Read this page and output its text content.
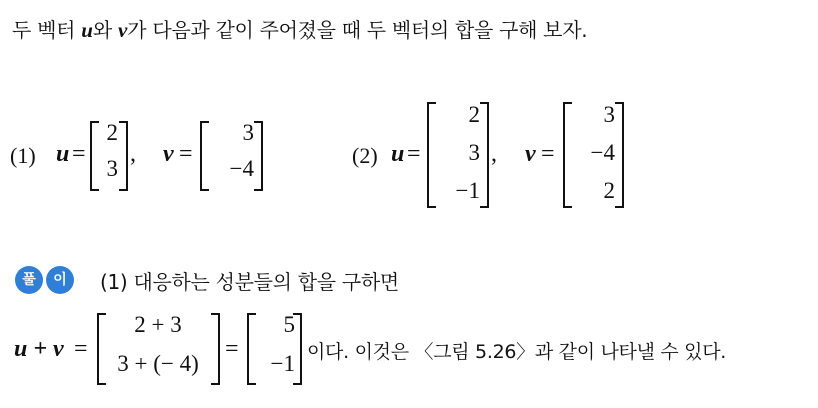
두 벡터 u와 v가 다음과 같이 주어졌을 때 두 벡터의 합을 구해 보자.
(1) u =
2
3
, v =
3
−4
(2) u =
2
3
−1
, v =
3
−4
2
풀	이	(1) 대응하는 성분들의 합을 구하면
u + v =
2 + 3
3 + (− 4)
=
5
−1 이다. 이것은 〈그림 5.26〉과 같이 나타낼 수 있다.
